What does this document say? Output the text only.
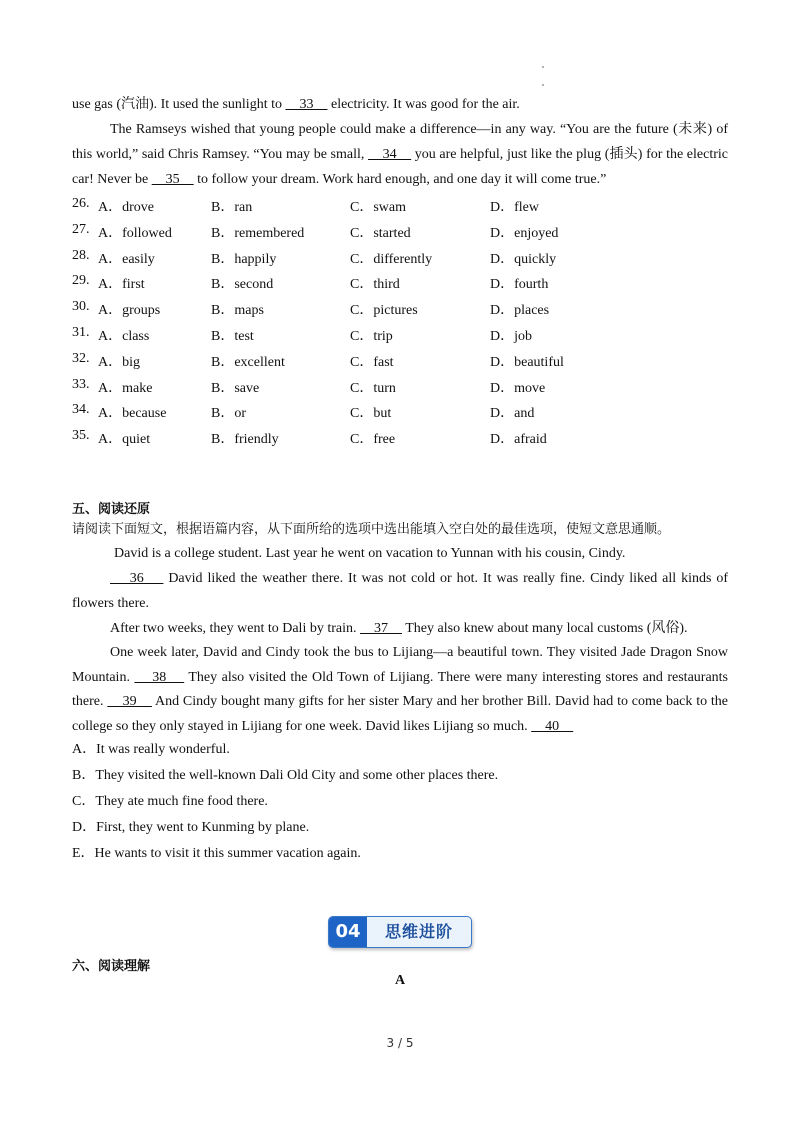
use gas (汽油). It used the sunlight to     33     electricity. It was good for the air.

The Ramseys wished that young people could make a difference—in any way. “You are the future (未来) of this world,” said Chris Ramsey. “You may be small,     34     you are helpful, just like the plug (插头) for the electric car! Never be     35     to follow your dream. Work hard enough, and one day it will come true.”

26. A．drove	B．ran	C．swam	D．flew
27. A．followed	B．remembered	C．started	D．enjoyed
28. A．easily	B．happily	C．differently	D．quickly
29. A．first	B．second	C．third	D．fourth
30. A．groups	B．maps	C．pictures	D．places
31. A．class	B．test	C．trip	D．job
32. A．big	B．excellent	C．fast	D．beautiful
33. A．make	B．save	C．turn	D．move
34. A．because	B．or	C．but	D．and
35. A．quiet	B．friendly	C．free	D．afraid
五、阅读还原
请阅读下面短文，根据语篇内容，从下面所给的选项中选出能填入空白处的最佳选项，使短文意思通顺。

David is a college student. Last year he went on vacation to Yunnan with his cousin, Cindy.

36     David liked the weather there. It was not cold or hot. It was really fine. Cindy liked all kinds of flowers there.

After two weeks, they went to Dali by train.     37     They also knew about many local customs (风俗).

One week later, David and Cindy took the bus to Lijiang—a beautiful town. They visited Jade Dragon Snow Mountain.     38     They also visited the Old Town of Lijiang. There were many interesting stores and restaurants there.     39     And Cindy bought many gifts for her sister Mary and her brother Bill. David had to come back to the college so they only stayed in Lijiang for one week. David likes Lijiang so much.     40

A．It was really wonderful.
B．They visited the well-known Dali Old City and some other places there.
C．They ate much fine food there.
D．First, they went to Kunming by plane.
E．He wants to visit it this summer vacation again.
04	思维进阶
六、阅读理解
A
3 / 5
